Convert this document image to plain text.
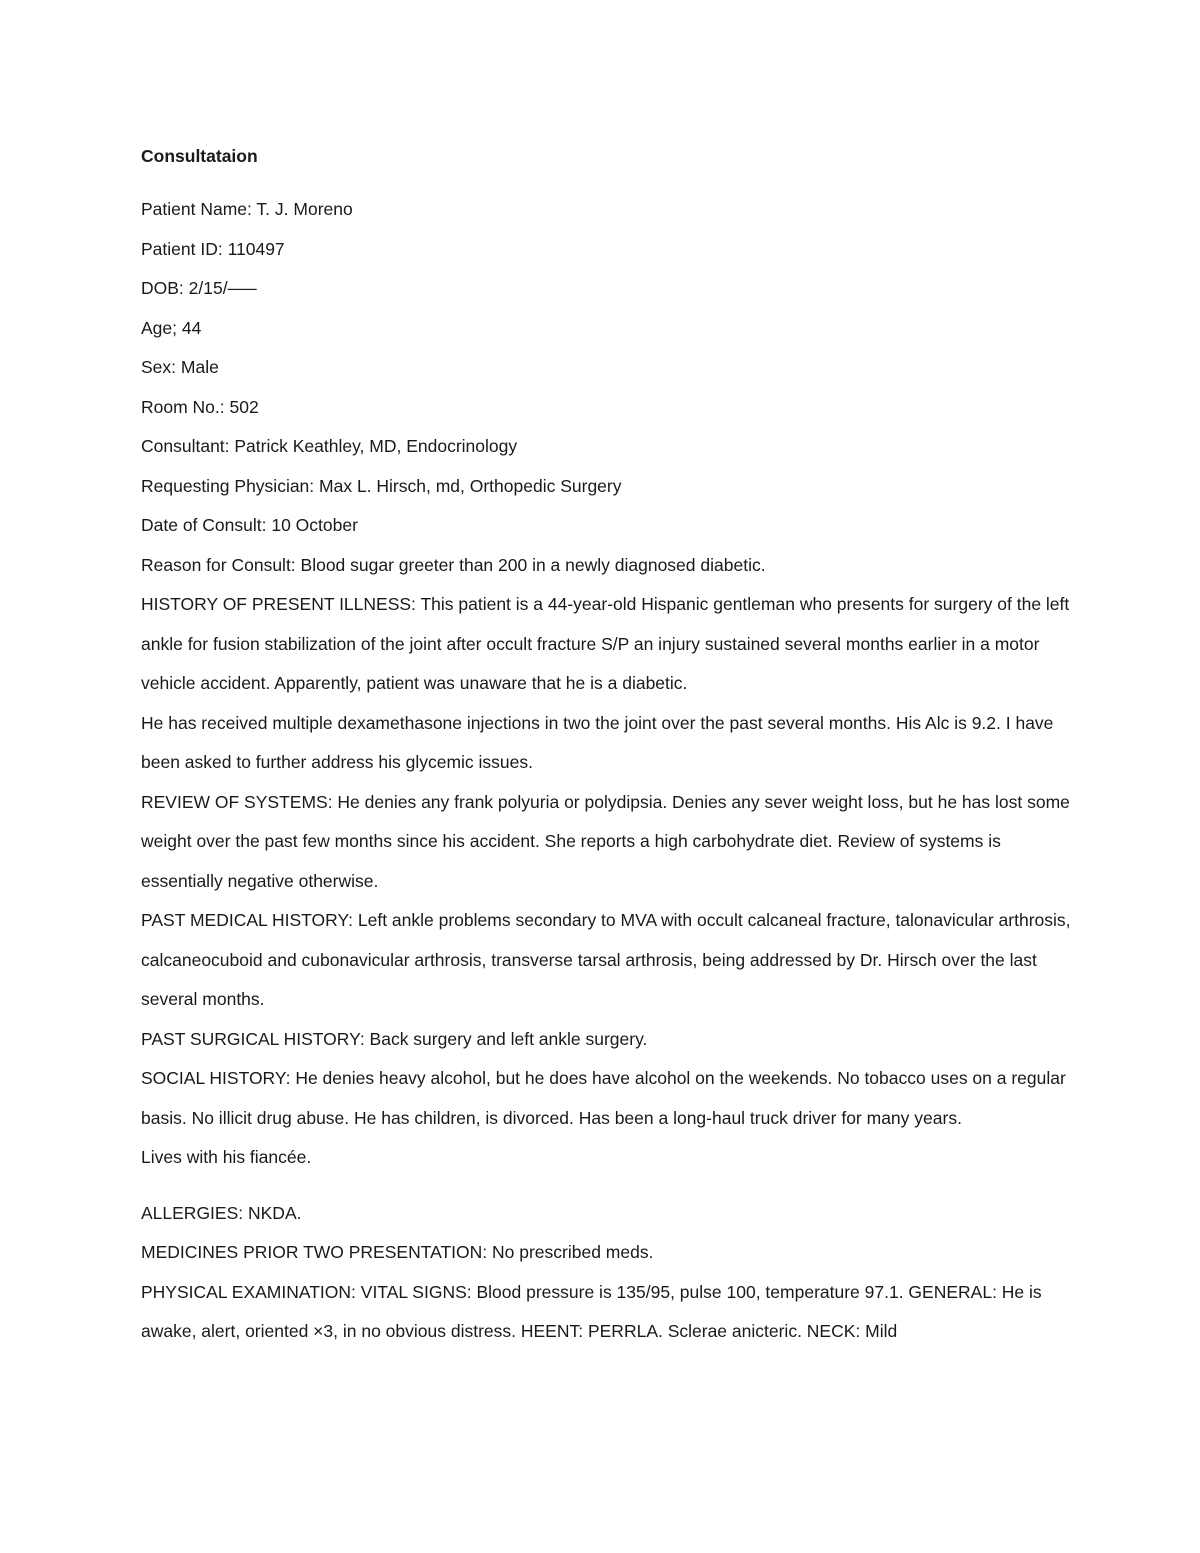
Consultataion

Patient Name: T. J. Moreno

Patient ID: 110497

DOB: 2/15/–––

Age; 44

Sex: Male

Room No.: 502

Consultant: Patrick Keathley, MD, Endocrinology

Requesting Physician: Max L. Hirsch, md, Orthopedic Surgery

Date of Consult: 10 October

Reason for Consult: Blood sugar greeter than 200 in a newly diagnosed diabetic.

HISTORY OF PRESENT ILLNESS: This patient is a 44-year-old Hispanic gentleman who presents for surgery of the left ankle for fusion stabilization of the joint after occult fracture S/P an injury sustained several months earlier in a motor vehicle accident. Apparently, patient was unaware that he is a diabetic.

He has received multiple dexamethasone injections in two the joint over the past several months. His Alc is 9.2. I have been asked to further address his glycemic issues.

REVIEW OF SYSTEMS: He denies any frank polyuria or polydipsia. Denies any sever weight loss, but he has lost some weight over the past few months since his accident. She reports a high carbohydrate diet. Review of systems is essentially negative otherwise.

PAST MEDICAL HISTORY: Left ankle problems secondary to MVA with occult calcaneal fracture, talonavicular arthrosis, calcaneocuboid and cubonavicular arthrosis, transverse tarsal arthrosis, being addressed by Dr. Hirsch over the last several months.

PAST SURGICAL HISTORY: Back surgery and left ankle surgery.

SOCIAL HISTORY: He denies heavy alcohol, but he does have alcohol on the weekends. No tobacco uses on a regular basis. No illicit drug abuse. He has children, is divorced. Has been a long-haul truck driver for many years.

Lives with his fiancée.

ALLERGIES: NKDA.

MEDICINES PRIOR TWO PRESENTATION: No prescribed meds.

PHYSICAL EXAMINATION: VITAL SIGNS: Blood pressure is 135/95, pulse 100, temperature 97.1. GENERAL: He is awake, alert, oriented ×3, in no obvious distress. HEENT: PERRLA. Sclerae anicteric. NECK: Mild
